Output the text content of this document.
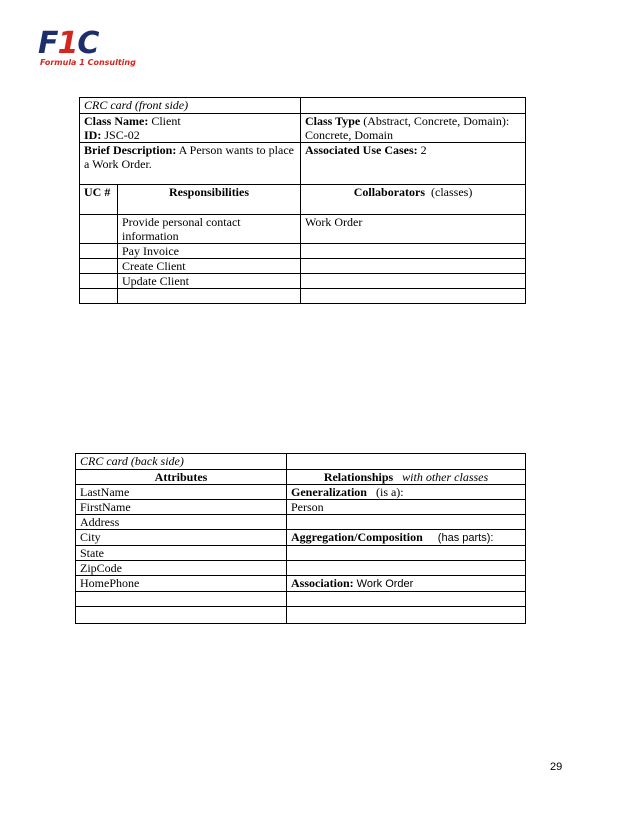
F1C
Formula 1 Consulting
CRC card (front side)		
Class Name: Client
ID: JSC-02		Class Type (Abstract, Concrete, Domain): Concrete, Domain
Brief Description: A Person wants to place a Work Order.		Associated Use Cases: 2
UC #	Responsibilities	Collaborators (classes)
	Provide personal contact information	Work Order
	Pay Invoice	
	Create Client	
	Update Client	

CRC card (back side)	
Attributes	Relationships with other classes
LastName	Generalization (is a):
FirstName	Person
Address	
City	Aggregation/Composition (has parts):
State	
ZipCode	
HomePhone	Association: Work Order

29
